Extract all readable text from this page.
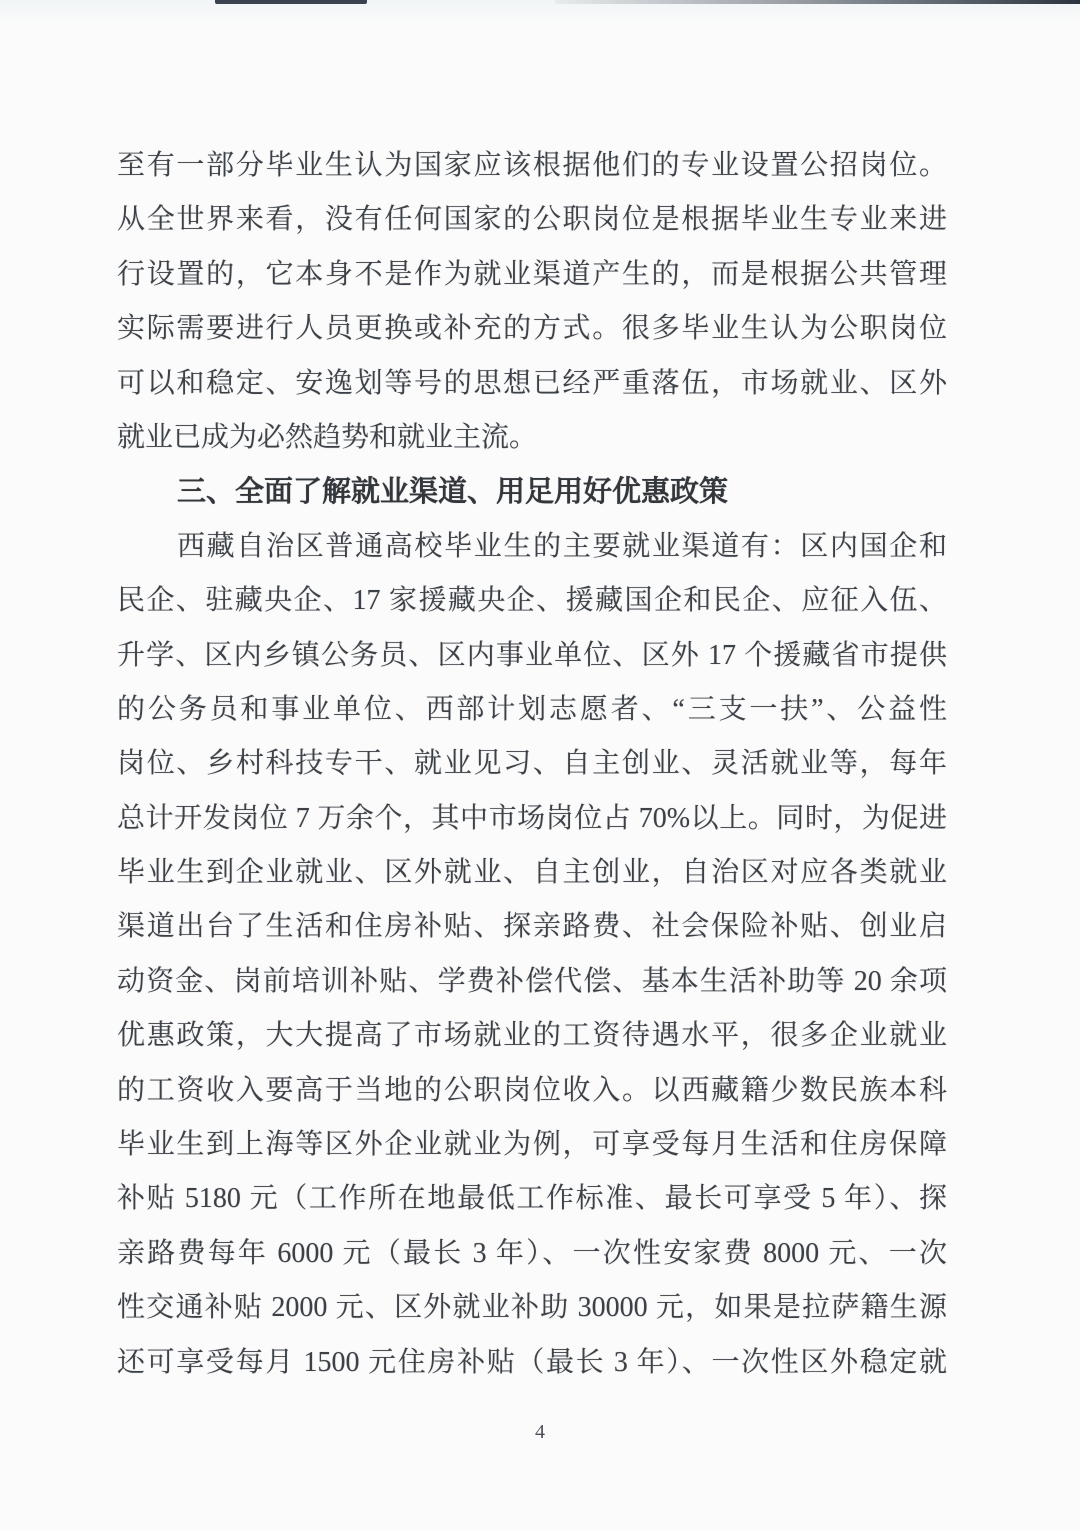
至有一部分毕业生认为国家应该根据他们的专业设置公招岗位。
从全世界来看，没有任何国家的公职岗位是根据毕业生专业来进
行设置的，它本身不是作为就业渠道产生的，而是根据公共管理
实际需要进行人员更换或补充的方式。很多毕业生认为公职岗位
可以和稳定、安逸划等号的思想已经严重落伍，市场就业、区外
就业已成为必然趋势和就业主流。
三、全面了解就业渠道、用足用好优惠政策
西藏自治区普通高校毕业生的主要就业渠道有：区内国企和
民企、驻藏央企、17 家援藏央企、援藏国企和民企、应征入伍、
升学、区内乡镇公务员、区内事业单位、区外 17 个援藏省市提供
的公务员和事业单位、西部计划志愿者、“三支一扶”、公益性
岗位、乡村科技专干、就业见习、自主创业、灵活就业等，每年
总计开发岗位 7 万余个，其中市场岗位占 70%以上。同时，为促进
毕业生到企业就业、区外就业、自主创业，自治区对应各类就业
渠道出台了生活和住房补贴、探亲路费、社会保险补贴、创业启
动资金、岗前培训补贴、学费补偿代偿、基本生活补助等 20 余项
优惠政策，大大提高了市场就业的工资待遇水平，很多企业就业
的工资收入要高于当地的公职岗位收入。以西藏籍少数民族本科
毕业生到上海等区外企业就业为例，可享受每月生活和住房保障
补贴 5180 元（工作所在地最低工作标准、最长可享受 5 年）、探
亲路费每年 6000 元（最长 3 年）、一次性安家费 8000 元、一次
性交通补贴 2000 元、区外就业补助 30000 元，如果是拉萨籍生源
还可享受每月 1500 元住房补贴（最长 3 年）、一次性区外稳定就
4
